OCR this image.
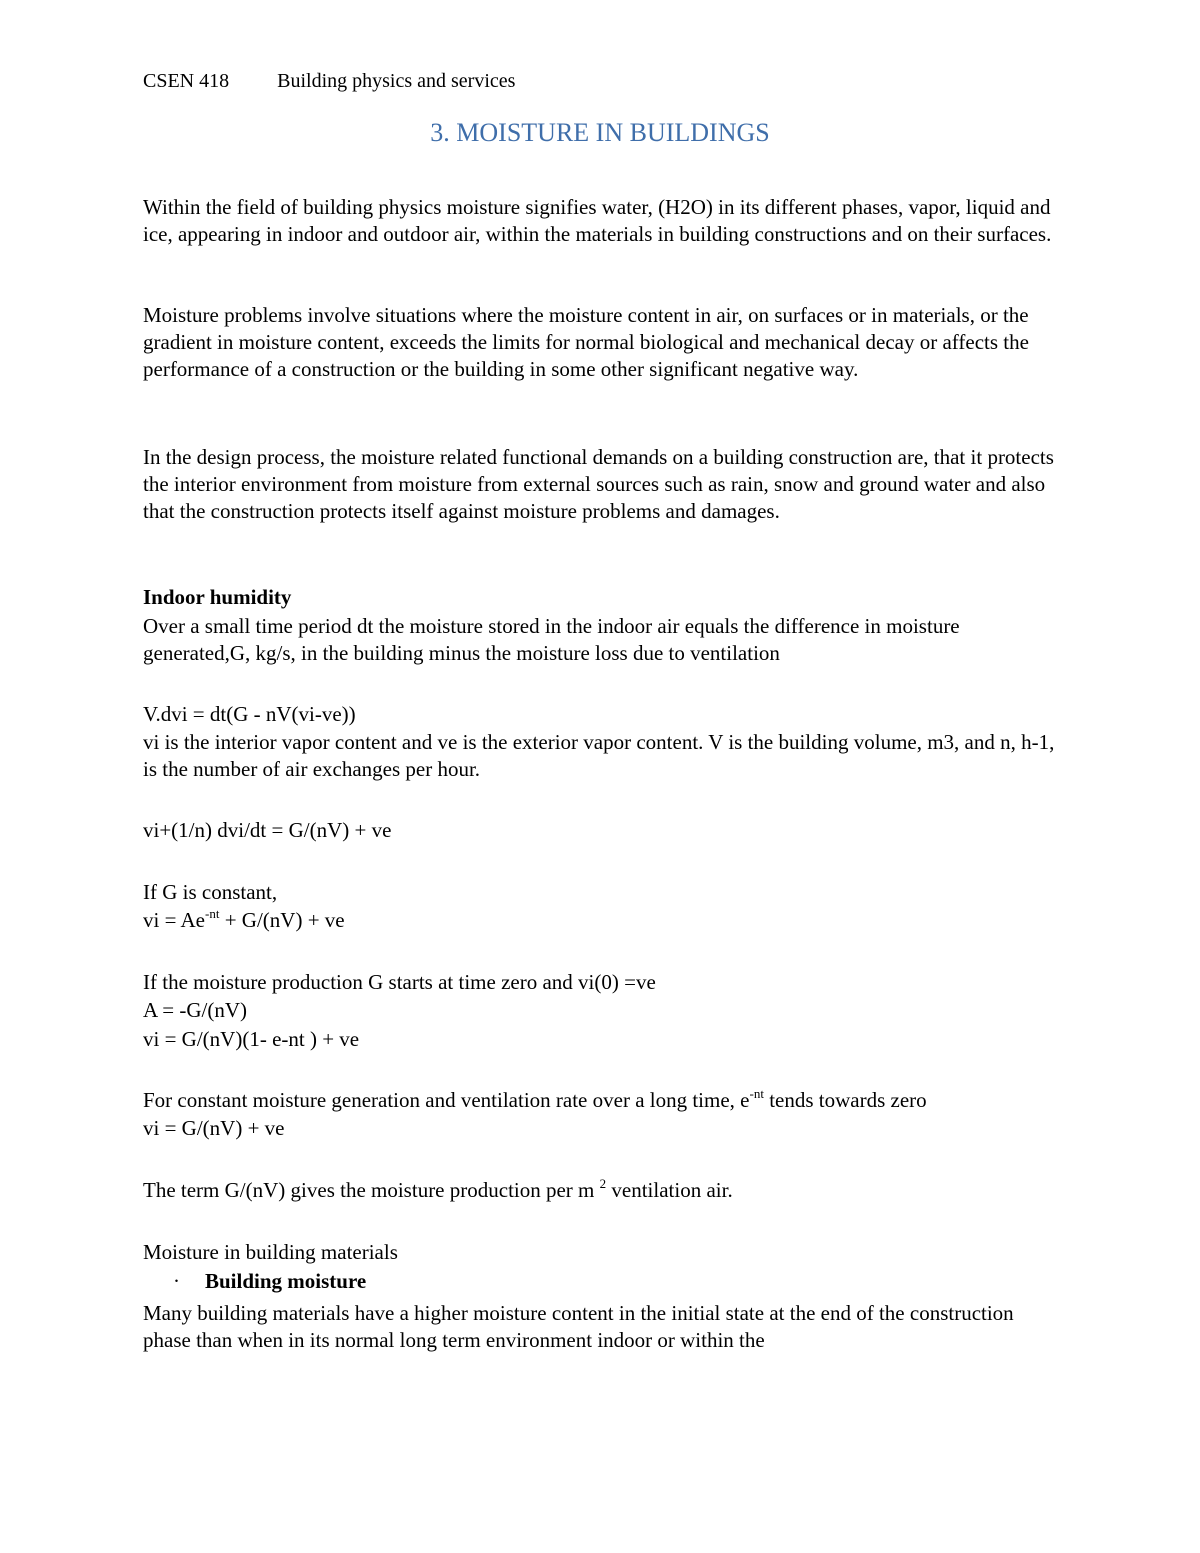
CSEN 418 Building physics and services
3. MOISTURE IN BUILDINGS
Within the field of building physics moisture signifies water, (H2O) in its different phases, vapor, liquid and ice, appearing in indoor and outdoor air, within the materials in building constructions and on their surfaces.
Moisture problems involve situations where the moisture content in air, on surfaces or in materials, or the gradient in moisture content, exceeds the limits for normal biological and mechanical decay or affects the performance of a construction or the building in some other significant negative way.
In the design process, the moisture related functional demands on a building construction are, that it protects the interior environment from moisture from external sources such as rain, snow and ground water and also that the construction protects itself against moisture problems and damages.
Indoor humidity
Over a small time period dt the moisture stored in the indoor air equals the difference in moisture generated,G, kg/s, in the building minus the moisture loss due to ventilation
V.dvi = dt(G - nV(vi-ve))
vi is the interior vapor content and ve is the exterior vapor content. V is the building volume, m3, and n, h-1, is the number of air exchanges per hour.
vi+(1/n) dvi/dt = G/(nV) + ve
If G is constant,
vi = $Ae^{-nt} + G/(nV)$ + ve
If the moisture production G starts at time zero and vi(0) =ve
A = -G/(nV)
vi = G/(nV)(1- e-nt ) + ve
For constant moisture generation and ventilation rate over a long time, $e^{-nt}$ tends towards zero
vi = G/(nV) + ve
The term G/(nV) gives the moisture production per m $^2$ ventilation air.
Moisture in building materials
· Building moisture
Many building materials have a higher moisture content in the initial state at the end of the construction phase than when in its normal long term environment indoor or within the
